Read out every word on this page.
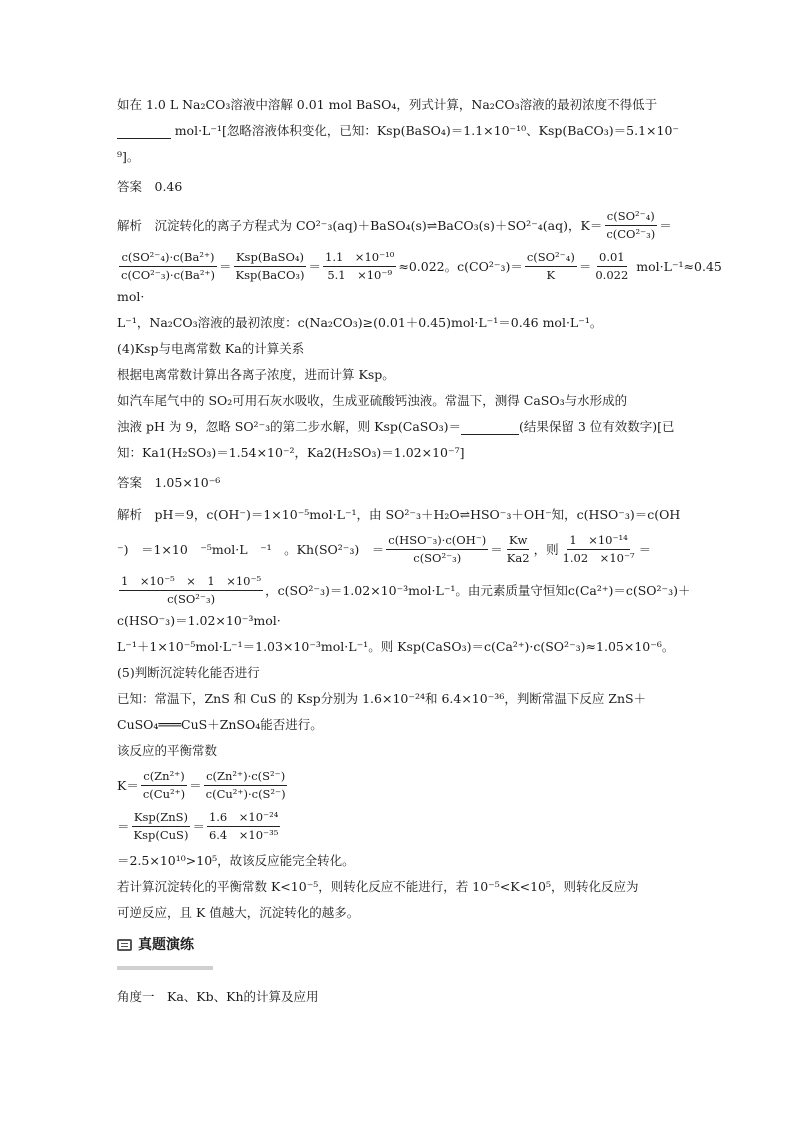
如在 1.0 L Na₂CO₃溶液中溶解 0.01 mol BaSO₄，列式计算，Na₂CO₃溶液的最初浓度不得低于
mol·L⁻¹[忽略溶液体积变化，已知：Ksp(BaSO₄)＝1.1×10⁻¹⁰、Ksp(BaCO₃)＝5.1×10⁻
⁹]。
答案　0.46
解析　沉淀转化的离子方程式为 CO²⁻₃(aq)＋BaSO₄(s)⇌BaCO₃(s)＋SO²⁻₄(aq)，$K= \frac{\text{c(SO²⁻₄)}}{\text{c(CO²⁻₃)}}$ ＝
$\frac{\text{c(SO²⁻₄)·c(Ba²⁺)}}{\text{c(CO²⁻₃)·c(Ba²⁺)}} = \frac{\text{Ksp(BaSO₄)}}{\text{Ksp(BaCO₃)}} = \frac{\text{1.1　×10⁻¹⁰}}{\text{5.1　×10⁻⁹}} \approx 0.022$。$c(CO^{2-}_3)= \frac{\text{c(SO²⁻₄)}}{K} = \frac{0.01}{0.022} mol\cdot L^{-1}\approx 0.45$
mol·
L⁻¹，Na₂CO₃溶液的最初浓度：c(Na₂CO₃)≥(0.01＋0.45)mol·L⁻¹＝0.46 mol·L⁻¹。
(4)Ksp与电离常数 Ka的计算关系
根据电离常数计算出各离子浓度，进而计算 Ksp。
如汽车尾气中的 SO₂可用石灰水吸收，生成亚硫酸钙浊液。常温下，测得 CaSO₃与水形成的
浊液 pH 为 9，忽略 SO²⁻₃的第二步水解，则 Ksp(CaSO₃)＝	(结果保留 3 位有效数字)[已
知：Ka1(H₂SO₃)＝1.54×10⁻²，Ka2(H₂SO₃)＝1.02×10⁻⁷]
答案　1.05×10⁻⁶
解析　pH＝9，c(OH⁻)＝1×10⁻⁵mol·L⁻¹，由 SO²⁻₃＋H₂O⇌HSO⁻₃＋OH⁻知，c(HSO⁻₃)＝c(OH
⁻)　＝1×10　⁻⁵mol·L　⁻¹　。Kh(SO²⁻₃)　＝ $\frac{\text{c(HSO⁻₃)·c(OH⁻)}}{\text{c(SO²⁻₃)}} = \frac{Kw}{Ka2}$ ，则 $\frac{\text{1　×10⁻¹⁴}}{\text{1.02　×10⁻⁷}}$ ＝
$\frac{\text{1　×10⁻⁵　×　1　×10⁻⁵}}{\text{c(SO²⁻₃)}}$ ，c(SO²⁻₃)＝1.02×10⁻³mol·L⁻¹。由元素质量守恒知c(Ca²⁺)＝c(SO²⁻₃)＋
c(HSO⁻₃)＝1.02×10⁻³mol·
L⁻¹＋1×10⁻⁵mol·L⁻¹＝1.03×10⁻³mol·L⁻¹。则 Ksp(CaSO₃)＝c(Ca²⁺)·c(SO²⁻₃)≈1.05×10⁻⁶。
(5)判断沉淀转化能否进行
已知：常温下，ZnS 和 CuS 的 Ksp分别为 1.6×10⁻²⁴和 6.4×10⁻³⁶，判断常温下反应 ZnS＋
CuSO₄═══CuS＋ZnSO₄能否进行。
该反应的平衡常数
$K= \frac{\text{c(Zn²⁺)}}{\text{c(Cu²⁺)}} = \frac{\text{c(Zn²⁺)·c(S²⁻)}}{\text{c(Cu²⁺)·c(S²⁻)}}$
＝ $\frac{\text{Ksp(ZnS)}}{\text{Ksp(CuS)}} = \frac{\text{1.6　×10⁻²⁴}}{\text{6.4　×10⁻³⁵}}$
＝2.5×10¹⁰>10⁵，故该反应能完全转化。
若计算沉淀转化的平衡常数 K<10⁻⁵，则转化反应不能进行，若 10⁻⁵<K<10⁵，则转化反应为
可逆反应，且 K 值越大，沉淀转化的越多。
真题演练
角度一　Ka、Kb、Kh的计算及应用
